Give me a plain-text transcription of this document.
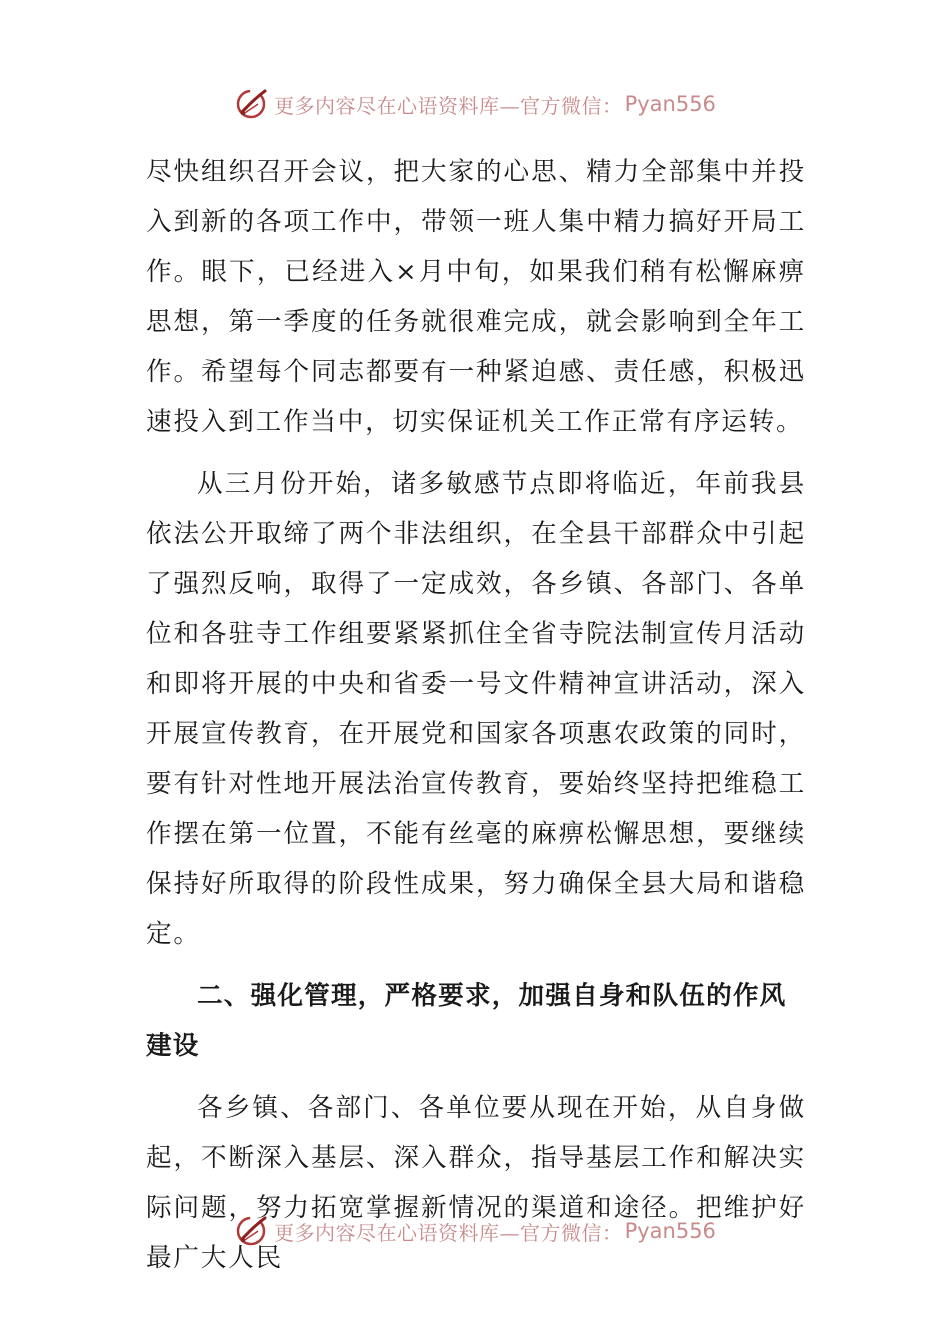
更多内容尽在心语资料库—官方微信： Pyan556

尽快组织召开会议，把大家的心思、精力全部集中并投入到新的各项工作中，带领一班人集中精力搞好开局工作。眼下，已经进入×月中旬，如果我们稍有松懈麻痹思想，第一季度的任务就很难完成，就会影响到全年工作。希望每个同志都要有一种紧迫感、责任感，积极迅速投入到工作当中，切实保证机关工作正常有序运转。

从三月份开始，诸多敏感节点即将临近，年前我县依法公开取缔了两个非法组织，在全县干部群众中引起了强烈反响，取得了一定成效，各乡镇、各部门、各单位和各驻寺工作组要紧紧抓住全省寺院法制宣传月活动和即将开展的中央和省委一号文件精神宣讲活动，深入开展宣传教育，在开展党和国家各项惠农政策的同时，要有针对性地开展法治宣传教育，要始终坚持把维稳工作摆在第一位置，不能有丝毫的麻痹松懈思想，要继续保持好所取得的阶段性成果，努力确保全县大局和谐稳定。

二、强化管理，严格要求，加强自身和队伍的作风建设

各乡镇、各部门、各单位要从现在开始，从自身做起，不断深入基层、深入群众，指导基层工作和解决实际问题，努力拓宽掌握新情况的渠道和途径。把维护好最广大人民

更多内容尽在心语资料库—官方微信： Pyan556
